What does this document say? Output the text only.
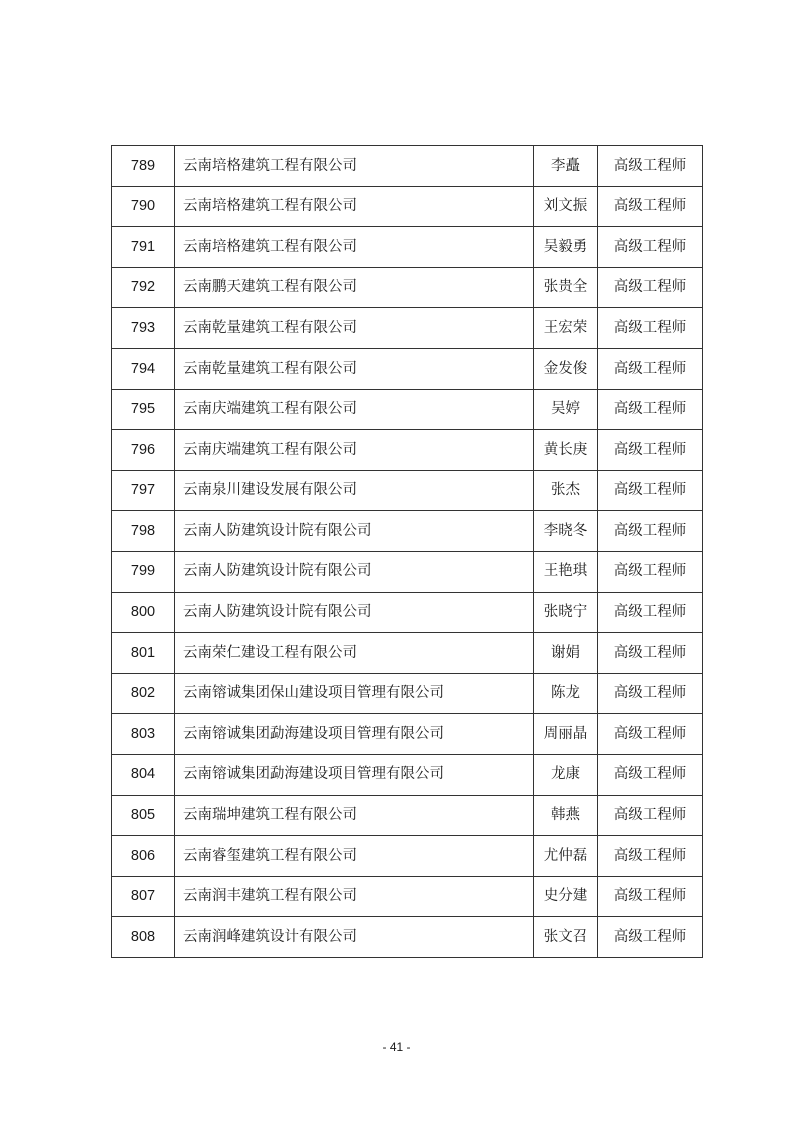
789	云南培格建筑工程有限公司	李矗	高级工程师
790	云南培格建筑工程有限公司	刘文振	高级工程师
791	云南培格建筑工程有限公司	吴毅勇	高级工程师
792	云南鹏天建筑工程有限公司	张贵全	高级工程师
793	云南乾量建筑工程有限公司	王宏荣	高级工程师
794	云南乾量建筑工程有限公司	金发俊	高级工程师
795	云南庆端建筑工程有限公司	吴婷	高级工程师
796	云南庆端建筑工程有限公司	黄长庚	高级工程师
797	云南泉川建设发展有限公司	张杰	高级工程师
798	云南人防建筑设计院有限公司	李晓冬	高级工程师
799	云南人防建筑设计院有限公司	王艳琪	高级工程师
800	云南人防建筑设计院有限公司	张晓宁	高级工程师
801	云南荣仁建设工程有限公司	谢娟	高级工程师
802	云南镕诚集团保山建设项目管理有限公司	陈龙	高级工程师
803	云南镕诚集团勐海建设项目管理有限公司	周丽晶	高级工程师
804	云南镕诚集团勐海建设项目管理有限公司	龙康	高级工程师
805	云南瑞坤建筑工程有限公司	韩燕	高级工程师
806	云南睿玺建筑工程有限公司	尤仲磊	高级工程师
807	云南润丰建筑工程有限公司	史分建	高级工程师
808	云南润峰建筑设计有限公司	张文召	高级工程师
- 41 -
